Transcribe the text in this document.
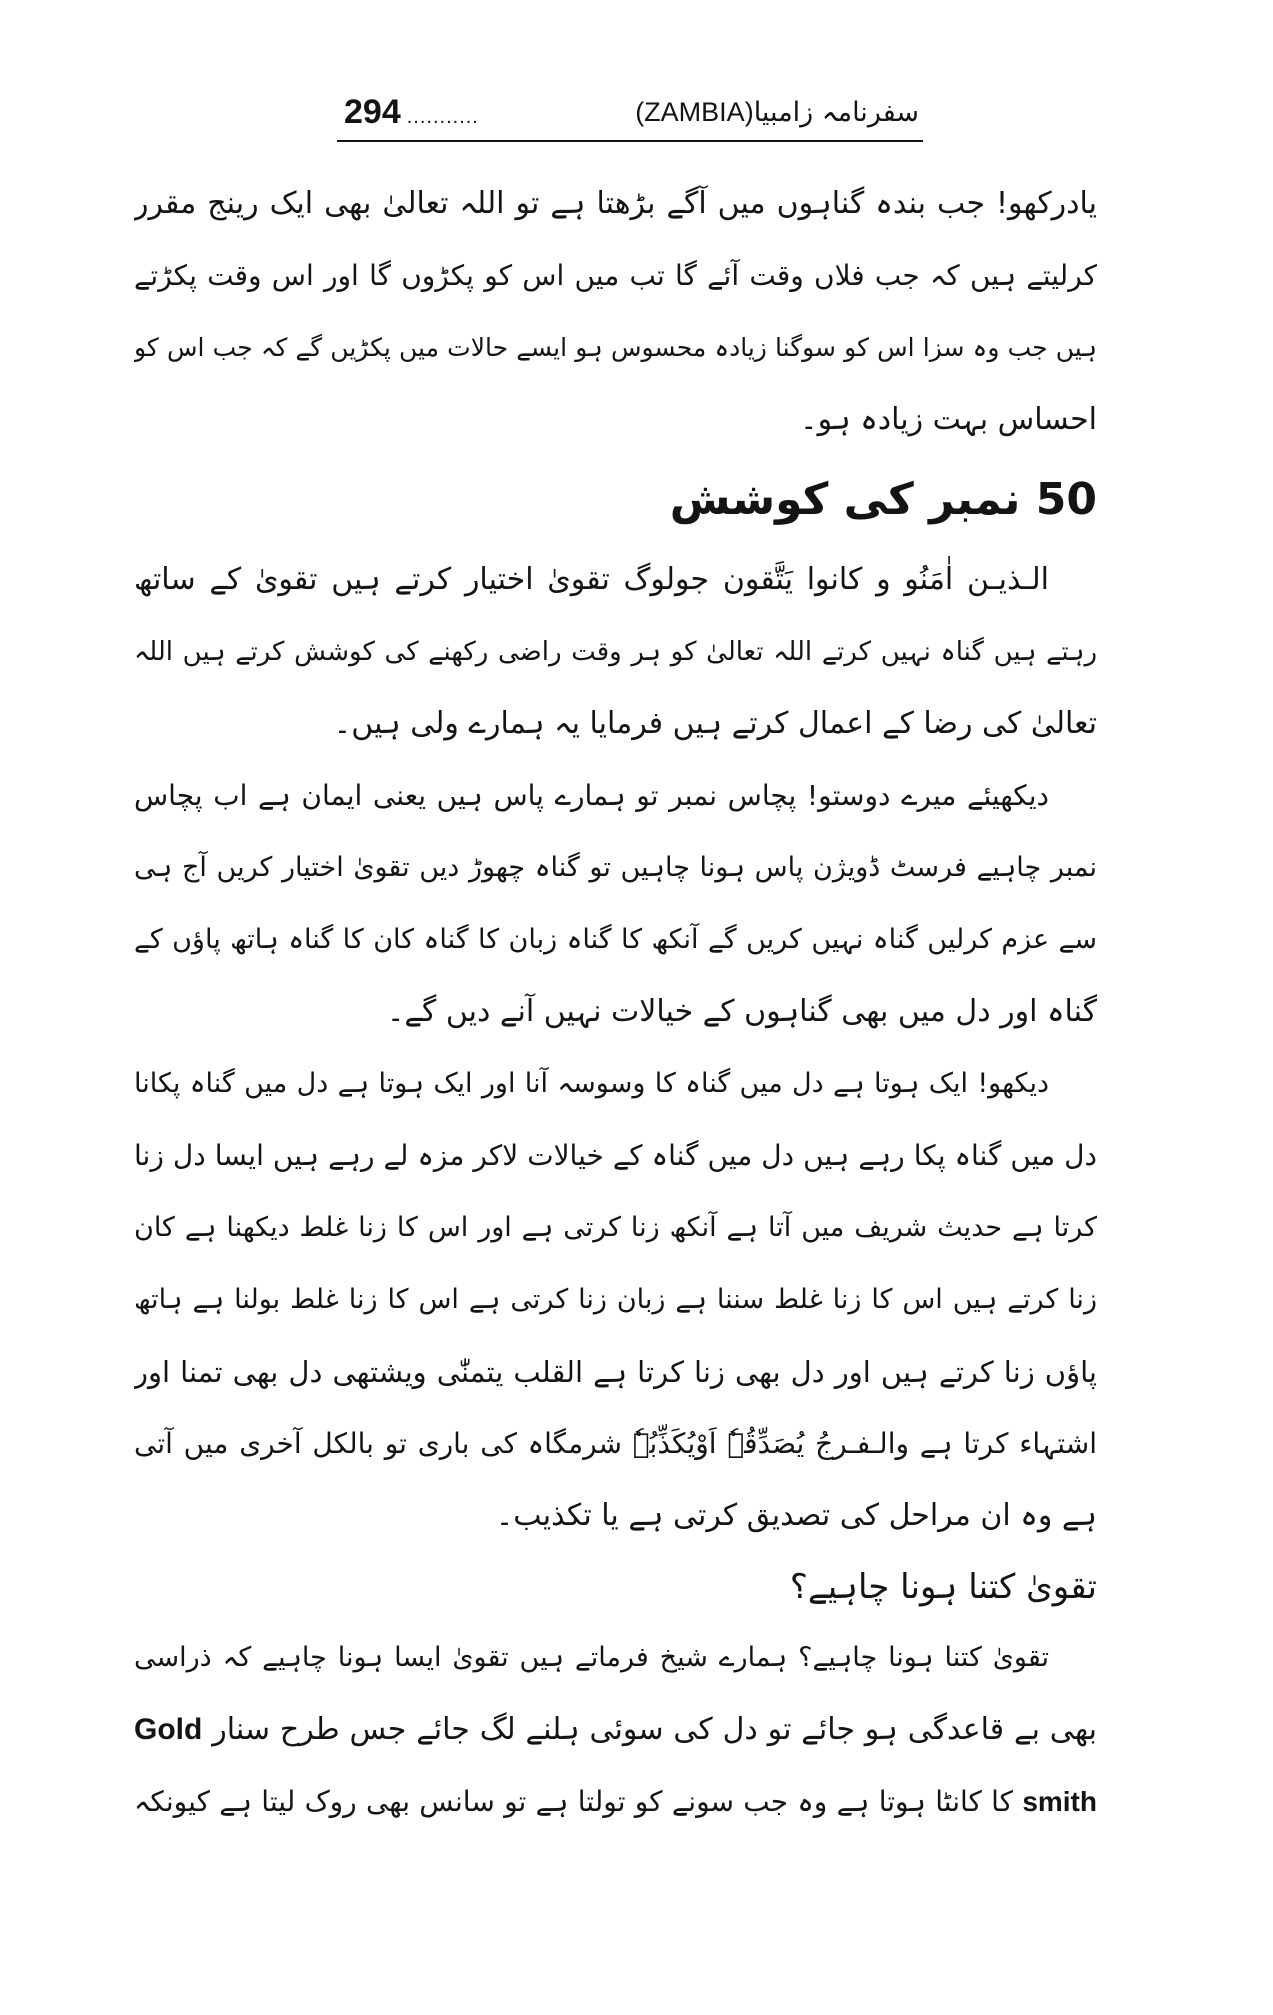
294 ...........	(ZAMBIA) سفرنامہ زامبیا
یادرکھو! جب بندہ گناہوں میں آگے بڑھتا ہے تو اللہ تعالیٰ بھی ایک رینج مقرر
کرلیتے ہیں کہ جب فلاں وقت آئے گا تب میں اس کو پکڑوں گا اور اس وقت پکڑتے
ہیں جب وہ سزا اس کو سوگنا زیادہ محسوس ہو ایسے حالات میں پکڑیں گے کہ جب اس کو
احساس بہت زیادہ ہو۔
50 نمبر کی کوشش
الـذیـن اٰمَنُو و کانوا یَتَّقون جولوگ تقویٰ اختیار کرتے ہیں تقویٰ کے ساتھ
رہتے ہیں گناہ نہیں کرتے اللہ تعالیٰ کو ہر وقت راضی رکھنے کی کوشش کرتے ہیں اللہ
تعالیٰ کی رضا کے اعمال کرتے ہیں فرمایا یہ ہمارے ولی ہیں۔
دیکھیئے میرے دوستو! پچاس نمبر تو ہمارے پاس ہیں یعنی ایمان ہے اب پچاس
نمبر چاہیے فرسٹ ڈویژن پاس ہونا چاہیں تو گناہ چھوڑ دیں تقویٰ اختیار کریں آج ہی
سے عزم کرلیں گناہ نہیں کریں گے آنکھ کا گناہ زبان کا گناہ کان کا گناہ ہاتھ پاؤں کے
گناہ اور دل میں بھی گناہوں کے خیالات نہیں آنے دیں گے۔
دیکھو! ایک ہوتا ہے دل میں گناہ کا وسوسہ آنا اور ایک ہوتا ہے دل میں گناہ پکانا
دل میں گناہ پکا رہے ہیں دل میں گناہ کے خیالات لاکر مزہ لے رہے ہیں ایسا دل زنا
کرتا ہے حدیث شریف میں آتا ہے آنکھ زنا کرتی ہے اور اس کا زنا غلط دیکھنا ہے کان
زنا کرتے ہیں اس کا زنا غلط سننا ہے زبان زنا کرتی ہے اس کا زنا غلط بولنا ہے ہاتھ
پاؤں زنا کرتے ہیں اور دل بھی زنا کرتا ہے القلب یتمنّٰی ویشتھی دل بھی تمنا اور
اشتہاء کرتا ہے والـفـرجُ یُصَدِّقُہٗ اَوْیُکَذِّبُہٗ شرمگاہ کی باری تو بالکل آخری میں آتی
ہے وہ ان مراحل کی تصدیق کرتی ہے یا تکذیب۔
تقویٰ کتنا ہونا چاہیے؟
تقویٰ کتنا ہونا چاہیے؟ ہمارے شیخ فرماتے ہیں تقویٰ ایسا ہونا چاہیے کہ ذراسی
بھی بے قاعدگی ہو جائے تو دل کی سوئی ہلنے لگ جائے جس طرح سنار Gold
smith کا کانٹا ہوتا ہے وہ جب سونے کو تولتا ہے تو سانس بھی روک لیتا ہے کیونکہ
